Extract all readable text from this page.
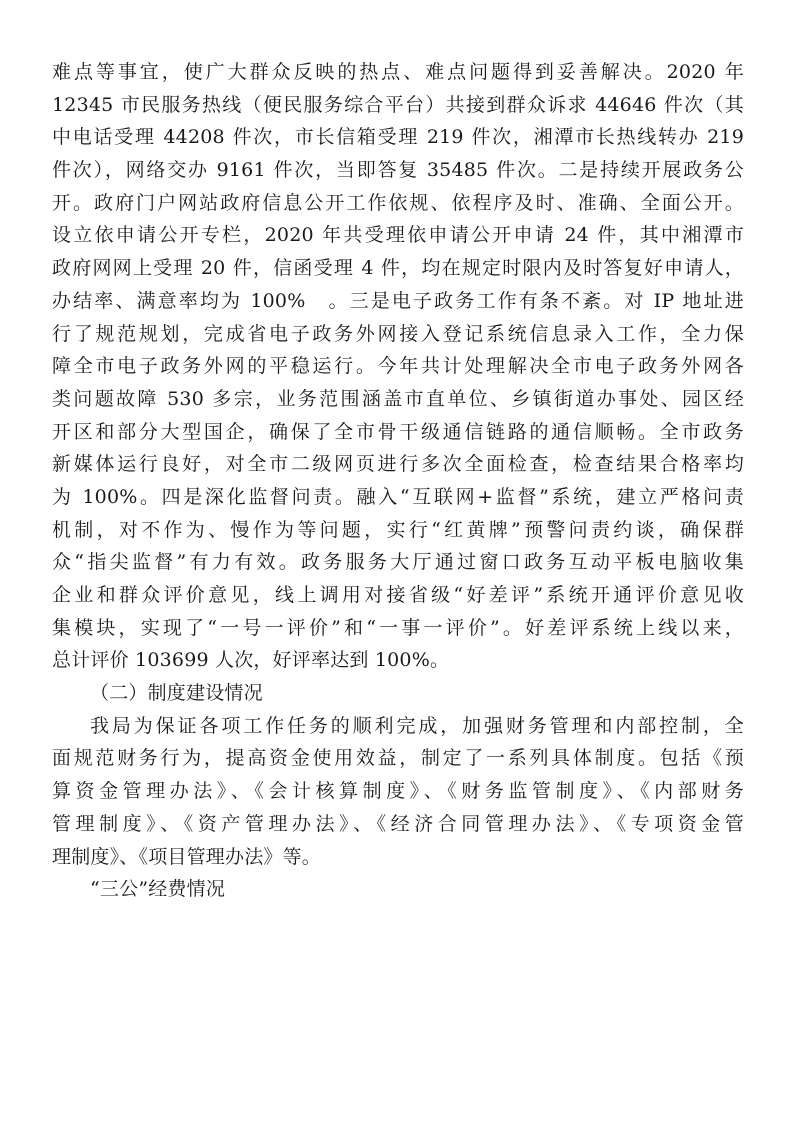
难点等事宜，使广大群众反映的热点、难点问题得到妥善解决。2020 年
12345 市民服务热线（便民服务综合平台）共接到群众诉求 44646 件次（其
中电话受理 44208 件次，市长信箱受理 219 件次，湘潭市长热线转办 219
件次），网络交办 9161 件次，当即答复 35485 件次。二是持续开展政务公
开。政府门户网站政府信息公开工作依规、依程序及时、准确、全面公开。
设立依申请公开专栏，2020 年共受理依申请公开申请 24 件，其中湘潭市
政府网网上受理 20 件，信函受理 4 件，均在规定时限内及时答复好申请人，
办结率、满意率均为 100%　。三是电子政务工作有条不紊。对 IP 地址进
行了规范规划，完成省电子政务外网接入登记系统信息录入工作，全力保
障全市电子政务外网的平稳运行。今年共计处理解决全市电子政务外网各
类问题故障 530 多宗，业务范围涵盖市直单位、乡镇街道办事处、园区经
开区和部分大型国企，确保了全市骨干级通信链路的通信顺畅。全市政务
新媒体运行良好，对全市二级网页进行多次全面检查，检查结果合格率均
为 100%。四是深化监督问责。融入“互联网+监督”系统，建立严格问责
机制，对不作为、慢作为等问题，实行“红黄牌”预警问责约谈，确保群
众“指尖监督”有力有效。政务服务大厅通过窗口政务互动平板电脑收集
企业和群众评价意见，线上调用对接省级“好差评”系统开通评价意见收
集模块，实现了“一号一评价”和“一事一评价”。好差评系统上线以来，
总计评价 103699 人次，好评率达到 100%。
（二）制度建设情况
我局为保证各项工作任务的顺利完成，加强财务管理和内部控制，全
面规范财务行为，提高资金使用效益，制定了一系列具体制度。包括《预
算资金管理办法》、《会计核算制度》、《财务监管制度》、《内部财务
管理制度》、《资产管理办法》、《经济合同管理办法》、《专项资金管
理制度》、《项目管理办法》等。
“三公”经费情况
